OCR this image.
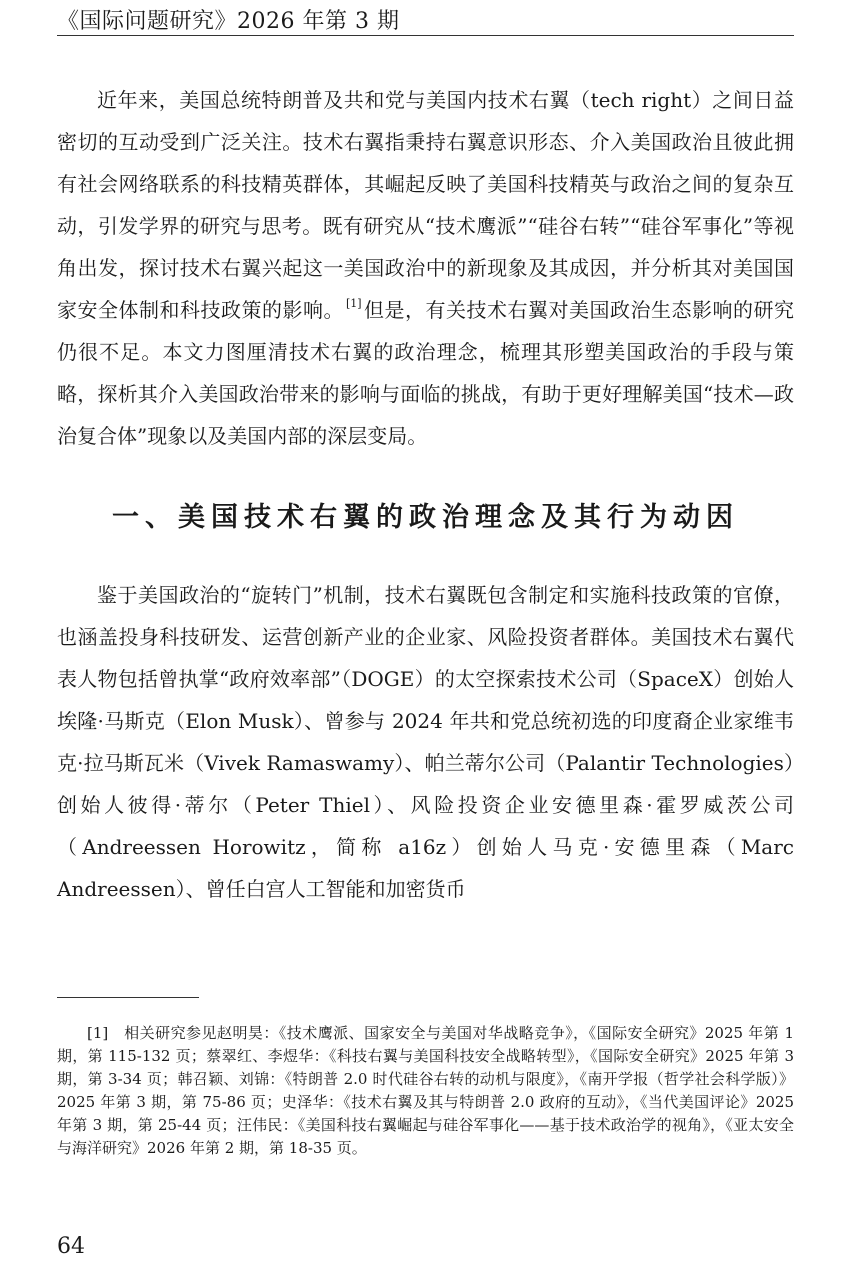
《国际问题研究》2026 年第 3 期

近年来，美国总统特朗普及共和党与美国内技术右翼（tech right）之间日益密切的互动受到广泛关注。技术右翼指秉持右翼意识形态、介入美国政治且彼此拥有社会网络联系的科技精英群体，其崛起反映了美国科技精英与政治之间的复杂互动，引发学界的研究与思考。既有研究从“技术鹰派”“硅谷右转”“硅谷军事化”等视角出发，探讨技术右翼兴起这一美国政治中的新现象及其成因，并分析其对美国国家安全体制和科技政策的影响。 [1] 但是，有关技术右翼对美国政治生态影响的研究仍很不足。本文力图厘清技术右翼的政治理念，梳理其形塑美国政治的手段与策略，探析其介入美国政治带来的影响与面临的挑战，有助于更好理解美国“技术—政治复合体”现象以及美国内部的深层变局。

一、美国技术右翼的政治理念及其行为动因

鉴于美国政治的“旋转门”机制，技术右翼既包含制定和实施科技政策的官僚，也涵盖投身科技研发、运营创新产业的企业家、风险投资者群体。美国技术右翼代表人物包括曾执掌“政府效率部”（DOGE）的太空探索技术公司（SpaceX）创始人埃隆·马斯克（Elon Musk）、曾参与 2024 年共和党总统初选的印度裔企业家维韦克·拉马斯瓦米（Vivek Ramaswamy）、帕兰蒂尔公司（Palantir Technologies）创始人彼得·蒂尔（Peter Thiel）、风险投资企业安德里森·霍罗威茨公司（Andreessen Horowitz，简称 a16z）创始人马克·安德里森（Marc Andreessen）、曾任白宫人工智能和加密货币

[1]　相关研究参见赵明昊：《技术鹰派、国家安全与美国对华战略竞争》，《国际安全研究》2025 年第 1 期，第 115-132 页；蔡翠红、李煜华：《科技右翼与美国科技安全战略转型》，《国际安全研究》2025 年第 3 期，第 3-34 页；韩召颖、刘锦：《特朗普 2.0 时代硅谷右转的动机与限度》，《南开学报（哲学社会科学版）》2025 年第 3 期，第 75-86 页；史泽华：《技术右翼及其与特朗普 2.0 政府的互动》，《当代美国评论》2025 年第 3 期，第 25-44 页；汪伟民：《美国科技右翼崛起与硅谷军事化——基于技术政治学的视角》，《亚太安全与海洋研究》2026 年第 2 期，第 18-35 页。

64
